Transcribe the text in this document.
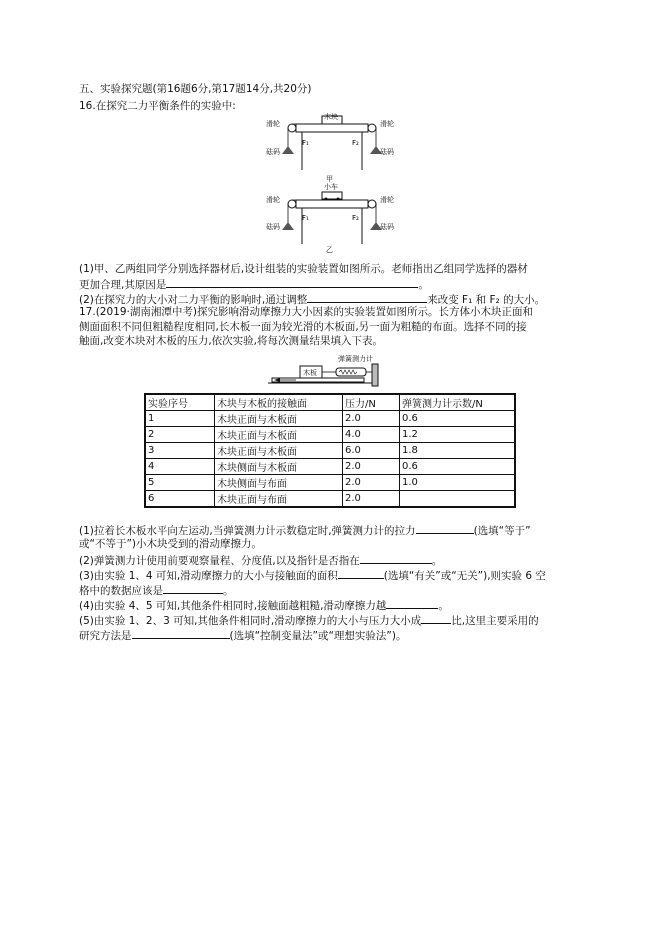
五、实验探究题(第16题6分,第17题14分,共20分)
16.在探究二力平衡条件的实验中:
F₁	F₂
木块
滑轮	滑轮
砝码	砝码
甲
F₁	F₂
小车
滑轮	滑轮
砝码	砝码
乙
(1)甲、乙两组同学分别选择器材后,设计组装的实验装置如图所示。老师指出乙组同学选择的器材
更加合理,其原因是	。
(2)在探究力的大小对二力平衡的影响时,通过调整	来改变 F₁ 和 F₂ 的大小。
17.(2019·湖南湘潭中考)探究影响滑动摩擦力大小因素的实验装置如图所示。长方体小木块正面和
侧面面积不同但粗糙程度相同,长木板一面为较光滑的木板面,另一面为粗糙的布面。选择不同的接
触面,改变木块对木板的压力,依次实验,将每次测量结果填入下表。
弹簧测力计
木板
实验序号	木块与木板的接触面	压力/N	弹簧测力计示数/N
1	木块正面与木板面	2.0	0.6
2	木块正面与木板面	4.0	1.2
3	木块正面与木板面	6.0	1.8
4	木块侧面与木板面	2.0	0.6
5	木块侧面与布面	2.0	1.0
6	木块正面与布面	2.0	
(1)拉着长木板水平向左运动,当弹簧测力计示数稳定时,弹簧测力计的拉力	(选填“等于”
或“不等于”)小木块受到的滑动摩擦力。
(2)弹簧测力计使用前要观察量程、分度值,以及指针是否指在	。
(3)由实验 1、4 可知,滑动摩擦力的大小与接触面的面积	(选填“有关”或“无关”),则实验 6 空
格中的数据应该是	。
(4)由实验 4、5 可知,其他条件相同时,接触面越粗糙,滑动摩擦力越	。
(5)由实验 1、2、3 可知,其他条件相同时,滑动摩擦力的大小与压力大小成	比,这里主要采用的
研究方法是	(选填“控制变量法”或“理想实验法”)。
